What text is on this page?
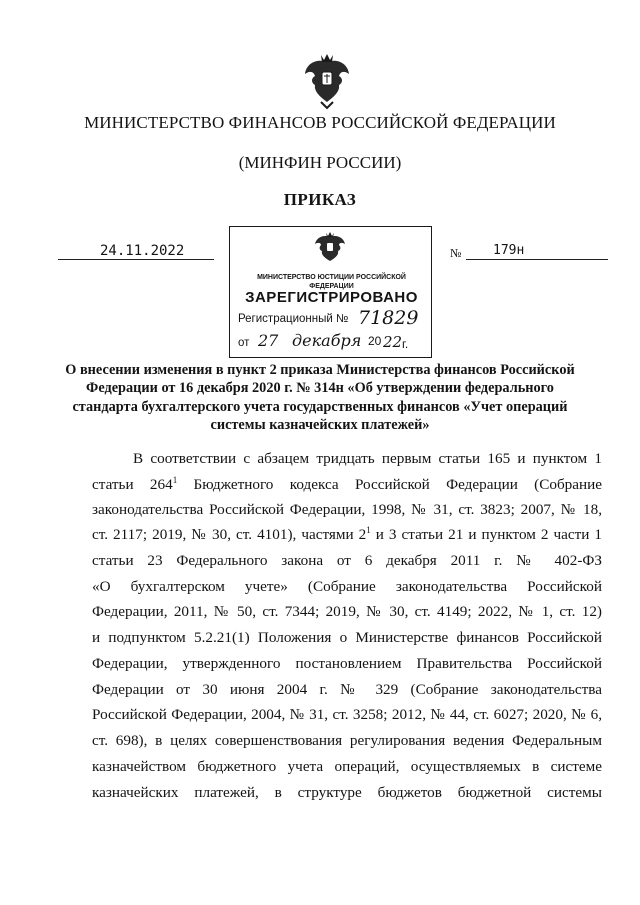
МИНИСТЕРСТВО ФИНАНСОВ РОССИЙСКОЙ ФЕДЕРАЦИИ
(МИНФИН РОССИИ)
ПРИКАЗ
24.11.2022	№ 179н
МИНИСТЕРСТВО ЮСТИЦИИ РОССИЙСКОЙ ФЕДЕРАЦИИ
ЗАРЕГИСТРИРОВАНО
Регистрационный № 71829
от 27 декабря 20 22 г.
О внесении изменения в пункт 2 приказа Министерства финансов Российской Федерации от 16 декабря 2020 г. № 314н «Об утверждении федерального стандарта бухгалтерского учета государственных финансов «Учет операций системы казначейских платежей»
В соответствии с абзацем тридцать первым статьи 165 и пунктом 1
статьи $264^1$ Бюджетного кодекса Российской Федерации (Собрание
законодательства Российской Федерации, 1998, № 31, ст. 3823; 2007, № 18,
ст. 2117; 2019, № 30, ст. 4101), частями $2^1$ и 3 статьи 21 и пунктом 2 части 1
статьи 23 Федерального закона от 6 декабря 2011 г. № 402-ФЗ
«О бухгалтерском учете» (Собрание законодательства Российской
Федерации, 2011, № 50, ст. 7344; 2019, № 30, ст. 4149; 2022, № 1, ст. 12)
и подпунктом 5.2.21(1) Положения о Министерстве финансов Российской
Федерации, утвержденного постановлением Правительства Российской
Федерации от 30 июня 2004 г. № 329 (Собрание законодательства
Российской Федерации, 2004, № 31, ст. 3258; 2012, № 44, ст. 6027; 2020, № 6,
ст. 698), в целях совершенствования регулирования ведения Федеральным
казначейством бюджетного учета операций, осуществляемых в системе
казначейских платежей, в структуре бюджетов бюджетной системы
